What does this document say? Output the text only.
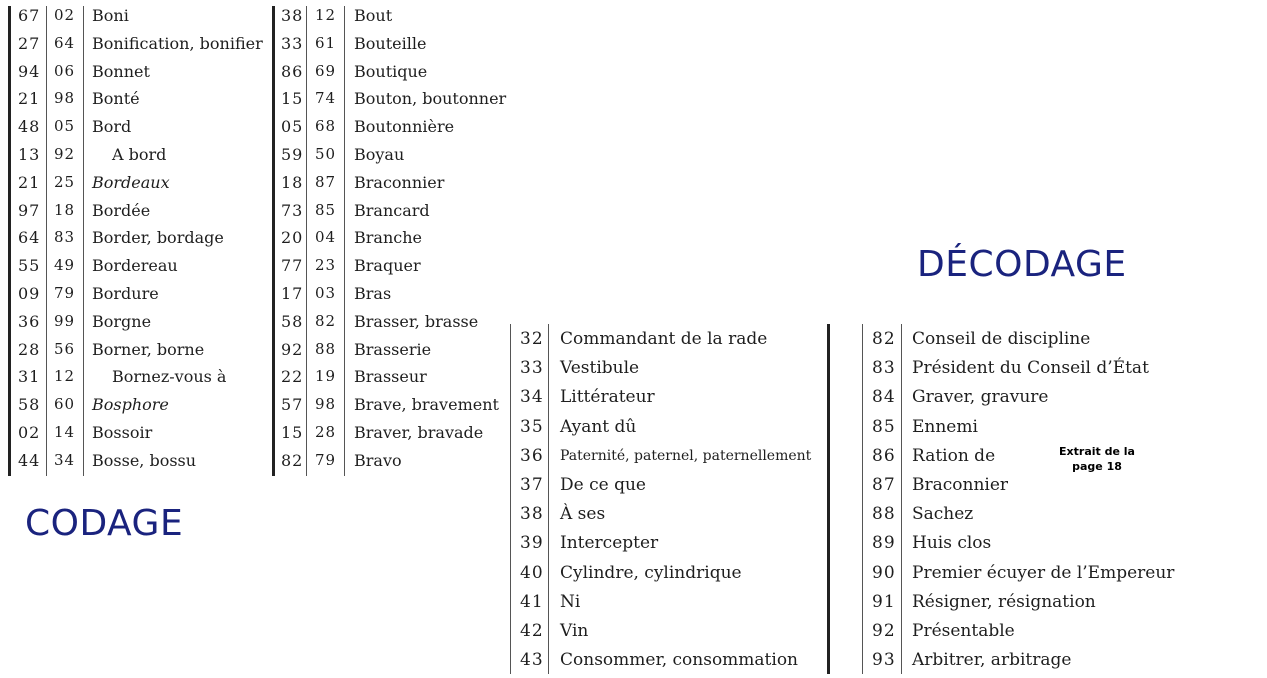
67 02 Boni
27 64 Bonification, bonifier
94 06 Bonnet
21 98 Bonté
48 05 Bord
13 92 A bord
21 25 Bordeaux
97 18 Bordée
64 83 Border, bordage
55 49 Bordereau
09 79 Bordure
36 99 Borgne
28 56 Borner, borne
31 12 Bornez-vous à
58 60 Bosphore
02 14 Bossoir
44 34 Bosse, bossu
38 12 Bout
33 61 Bouteille
86 69 Boutique
15 74 Bouton, boutonner
05 68 Boutonnière
59 50 Boyau
18 87 Braconnier
73 85 Brancard
20 04 Branche
77 23 Braquer
17 03 Bras
58 82 Brasser, brasse
92 88 Brasserie
22 19 Brasseur
57 98 Brave, bravement
15 28 Braver, bravade
82 79 Bravo
CODAGE
DÉCODAGE
32 Commandant de la rade
33 Vestibule
34 Littérateur
35 Ayant dû
36 Paternité, paternel, paternellement
37 De ce que
38 À ses
39 Intercepter
40 Cylindre, cylindrique
41 Ni
42 Vin
43 Consommer, consommation
82 Conseil de discipline
83 Président du Conseil d’État
84 Graver, gravure
85 Ennemi
86 Ration de
87 Braconnier
88 Sachez
89 Huis clos
90 Premier écuyer de l’Empereur
91 Résigner, résignation
92 Présentable
93 Arbitrer, arbitrage
Extrait de la
page 18
